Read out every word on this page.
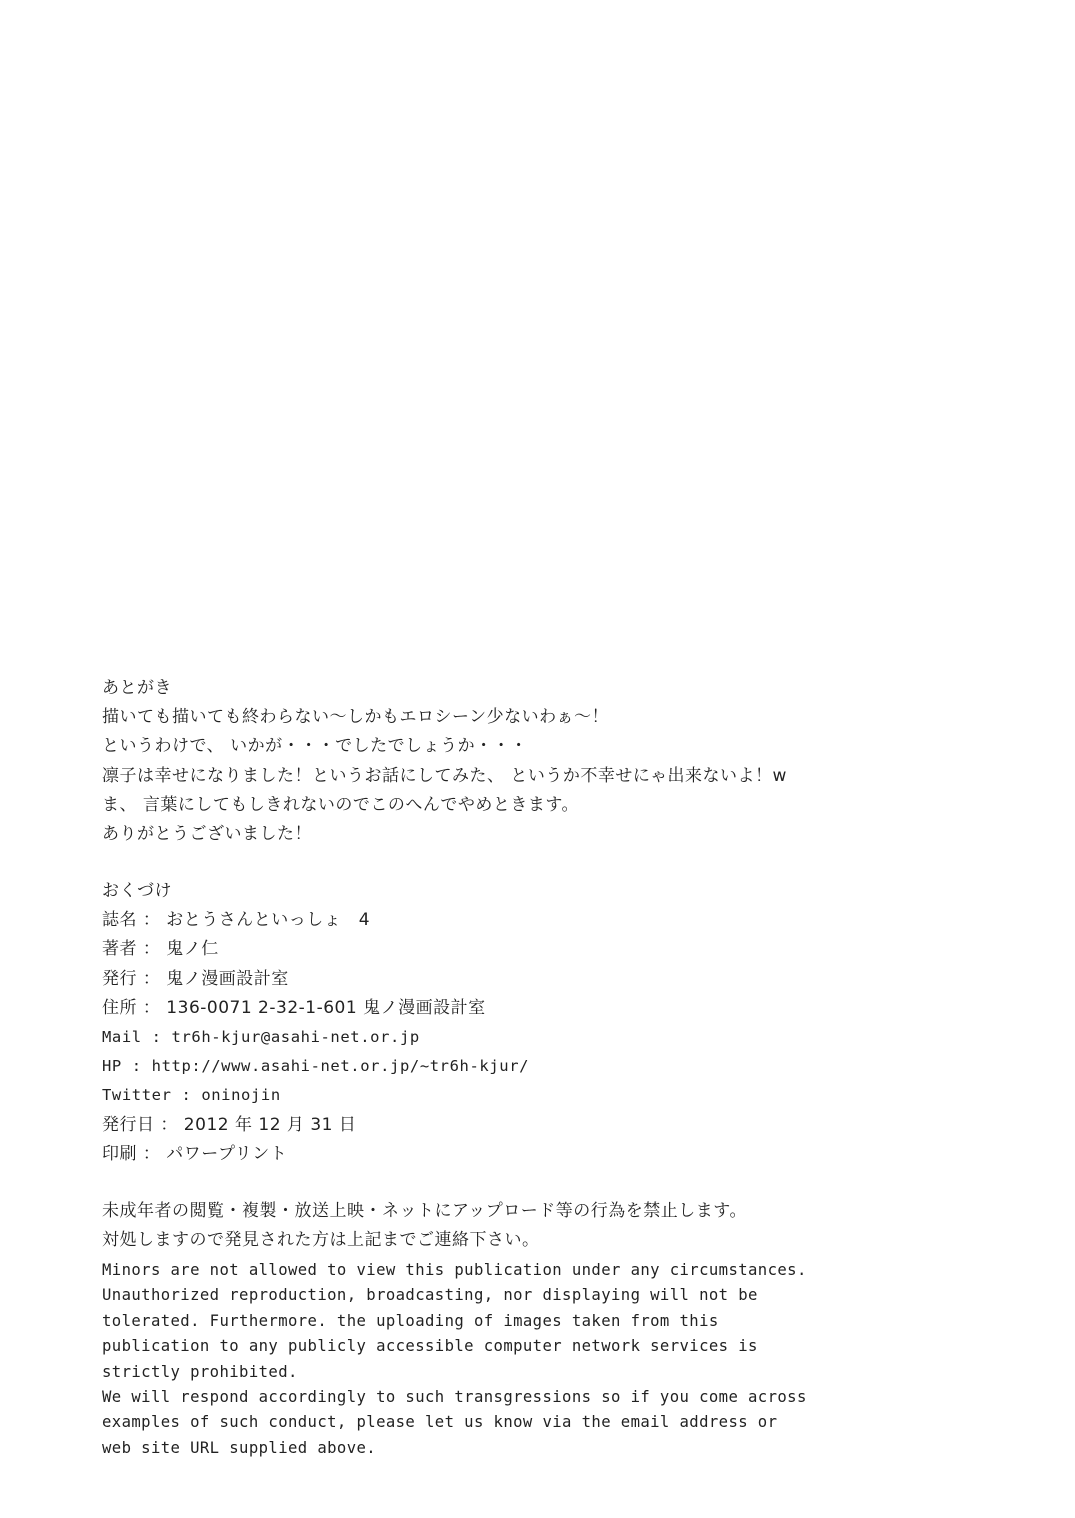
あとがき
描いても描いても終わらない～しかもエロシーン少ないわぁ～！
というわけで、 いかが・・・でしたでしょうか・・・
凛子は幸せになりました！というお話にしてみた、 というか不幸せにゃ出来ないよ！w
ま、 言葉にしてもしきれないのでこのへんでやめときます。
ありがとうございました！
おくづけ
誌名 ： おとうさんといっしょ　4
著者 ： 鬼ノ仁
発行 ： 鬼ノ漫画設計室
住所 ： 136-0071 2-32-1-601 鬼ノ漫画設計室
Mail : tr6h-kjur@asahi-net.or.jp
HP : http://www.asahi-net.or.jp/~tr6h-kjur/
Twitter : oninojin
発行日 ： 2012 年 12 月 31 日
印刷 ： パワープリント
未成年者の閲覧・複製・放送上映・ネットにアップロード等の行為を禁止します。
対処しますので発見された方は上記までご連絡下さい。
Minors are not allowed to view this publication under any circumstances.
Unauthorized reproduction, broadcasting, nor displaying will not be
tolerated. Furthermore. the uploading of images taken from this
publication to any publicly accessible computer network services is
strictly prohibited.
We will respond accordingly to such transgressions so if you come across
examples of such conduct, please let us know via the email address or
web site URL supplied above.
